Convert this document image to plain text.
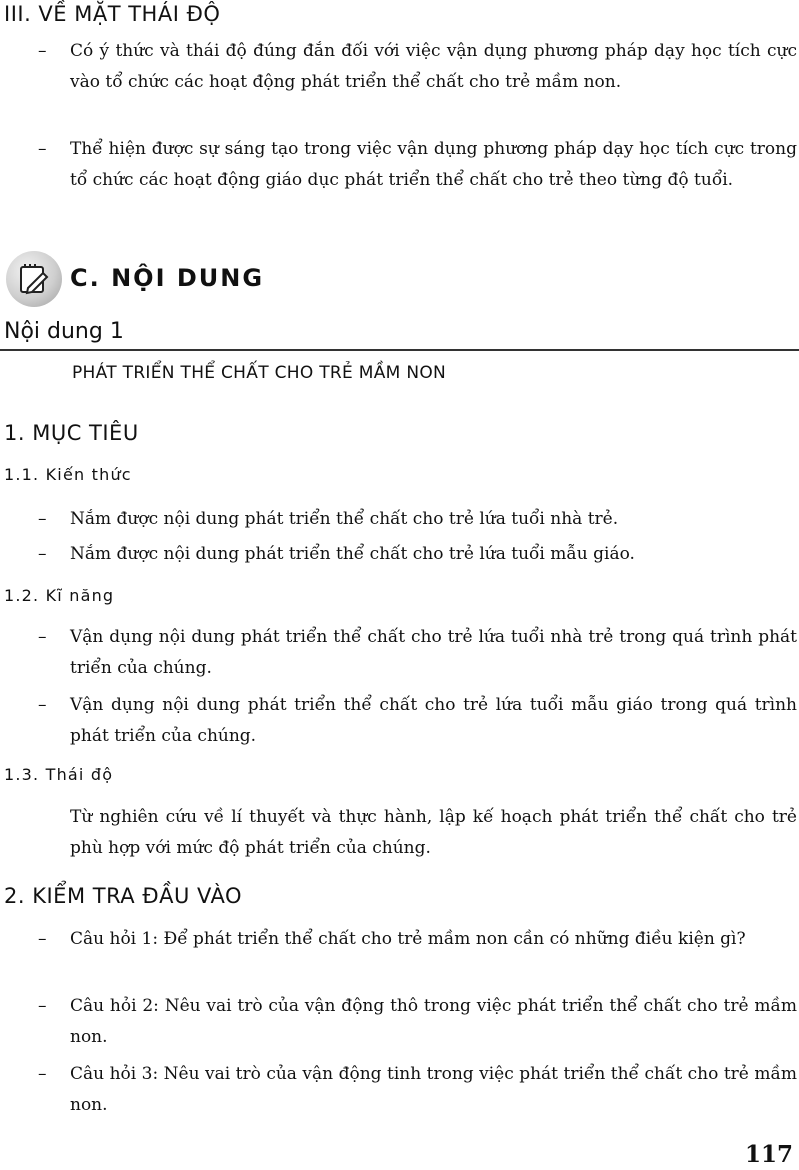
III. VỀ MẶT THÁI ĐỘ
– Có ý thức và thái độ đúng đắn đối với việc vận dụng phương pháp dạy học tích cực vào tổ chức các hoạt động phát triển thể chất cho trẻ mầm non.
– Thể hiện được sự sáng tạo trong việc vận dụng phương pháp dạy học tích cực trong tổ chức các hoạt động giáo dục phát triển thể chất cho trẻ theo từng độ tuổi.
C. NỘI DUNG
Nội dung 1
PHÁT TRIỂN THỂ CHẤT CHO TRẺ MẦM NON
1. MỤC TIÊU
1.1. Kiến thức
– Nắm được nội dung phát triển thể chất cho trẻ lứa tuổi nhà trẻ.
– Nắm được nội dung phát triển thể chất cho trẻ lứa tuổi mẫu giáo.
1.2. Kĩ năng
– Vận dụng nội dung phát triển thể chất cho trẻ lứa tuổi nhà trẻ trong quá trình phát triển của chúng.
– Vận dụng nội dung phát triển thể chất cho trẻ lứa tuổi mẫu giáo trong quá trình phát triển của chúng.
1.3. Thái độ
Từ nghiên cứu về lí thuyết và thực hành, lập kế hoạch phát triển thể chất cho trẻ phù hợp với mức độ phát triển của chúng.
2. KIỂM TRA ĐẦU VÀO
– Câu hỏi 1: Để phát triển thể chất cho trẻ mầm non cần có những điều kiện gì?
– Câu hỏi 2: Nêu vai trò của vận động thô trong việc phát triển thể chất cho trẻ mầm non.
– Câu hỏi 3: Nêu vai trò của vận động tinh trong việc phát triển thể chất cho trẻ mầm non.
117
